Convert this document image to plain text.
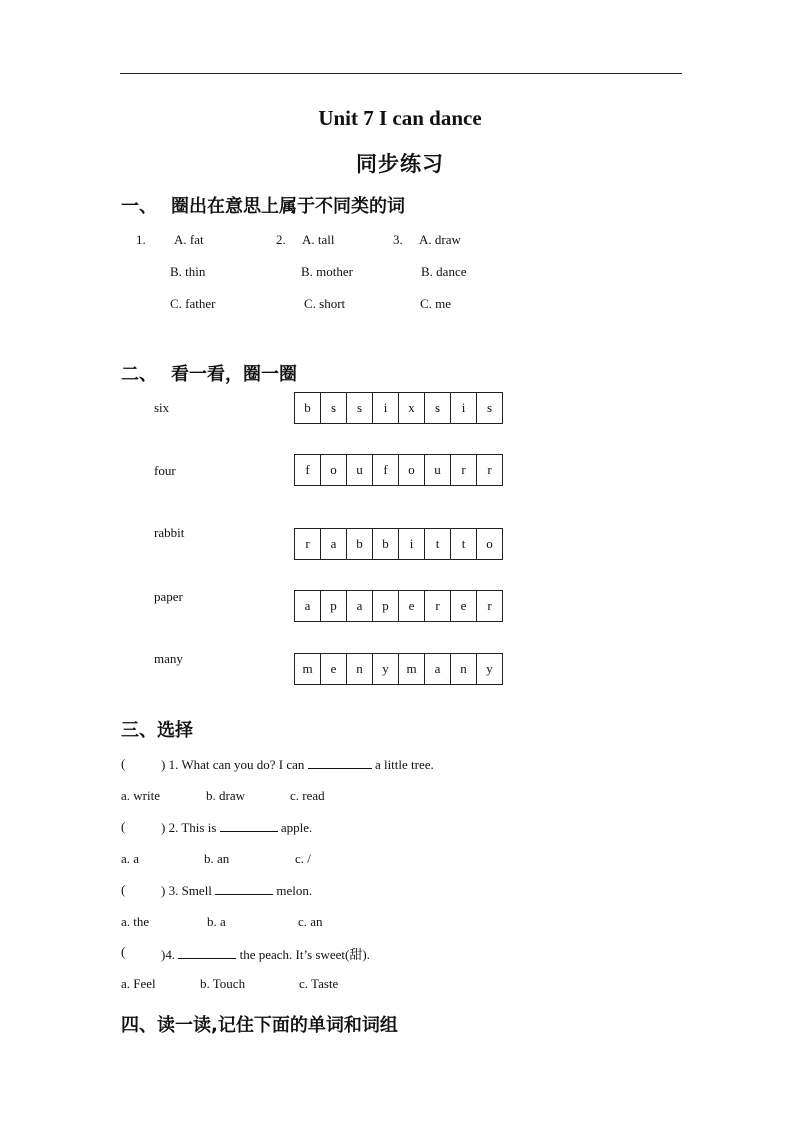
Unit 7 I can dance
同步练习
一、 圈出在意思上属于不同类的词
1. A. fat
B. thin
C. father
2. A. tall
B. mother
C. short
3. A. draw
B. dance
C. me
二、 看一看，圈一圈
six	b	s	s	i	x	s	i	s
four	f	o	u	f	o	u	r	r
rabbit
r	a	b	b	i	t	t	o
paper
a	p	a	p	e	r	e	r
many
m	e	n	y	m	a	n	y
三、选择
(	) 1. What can you do? I can	a little tree.
a. write	b. draw	c. read
(	) 2. This is	apple.
a. a	b. an	c. /
(	) 3. Smell	melon.
a. the	b. a	c. an
(	)4.	the peach. It’s sweet(甜).
a. Feel	b. Touch	c. Taste
四、读一读,记住下面的单词和词组
